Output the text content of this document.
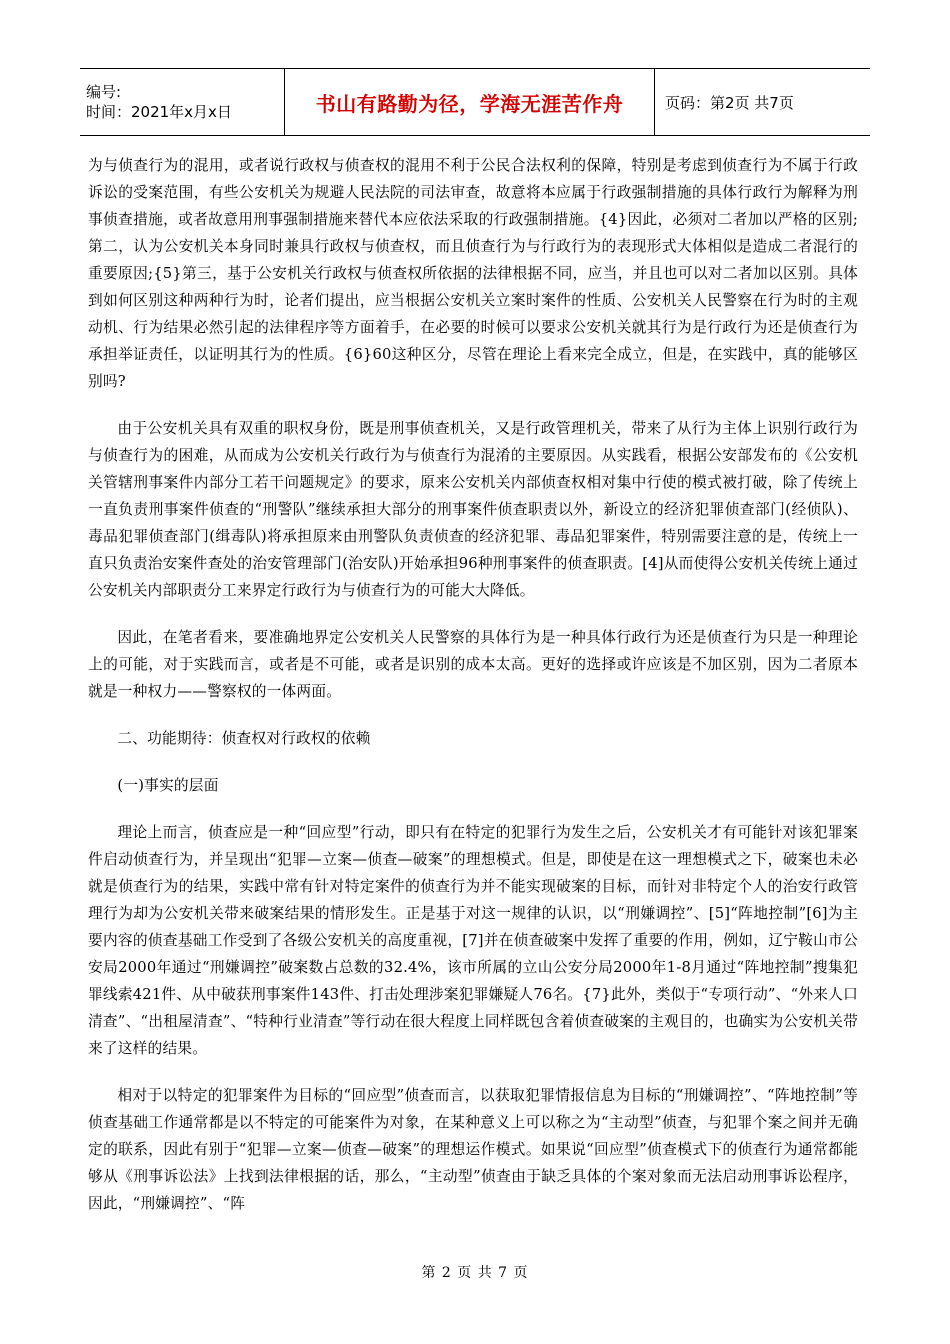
编号:
时间：2021年x月x日	书山有路勤为径，学海无涯苦作舟	页码：第2页 共7页

为与侦查行为的混用，或者说行政权与侦查权的混用不利于公民合法权利的保障，特别是考虑到侦查行为不属于行政诉讼的受案范围，有些公安机关为规避人民法院的司法审查，故意将本应属于行政强制措施的具体行政行为解释为刑事侦查措施，或者故意用刑事强制措施来替代本应依法采取的行政强制措施。{4}因此，必须对二者加以严格的区别;第二，认为公安机关本身同时兼具行政权与侦查权，而且侦查行为与行政行为的表现形式大体相似是造成二者混行的重要原因;{5}第三，基于公安机关行政权与侦查权所依据的法律根据不同，应当，并且也可以对二者加以区别。具体到如何区别这种两种行为时，论者们提出，应当根据公安机关立案时案件的性质、公安机关人民警察在行为时的主观动机、行为结果必然引起的法律程序等方面着手，在必要的时候可以要求公安机关就其行为是行政行为还是侦查行为承担举证责任，以证明其行为的性质。{6}60这种区分，尽管在理论上看来完全成立，但是，在实践中，真的能够区别吗?

由于公安机关具有双重的职权身份，既是刑事侦查机关，又是行政管理机关，带来了从行为主体上识别行政行为与侦查行为的困难，从而成为公安机关行政行为与侦查行为混淆的主要原因。从实践看，根据公安部发布的《公安机关管辖刑事案件内部分工若干问题规定》的要求，原来公安机关内部侦查权相对集中行使的模式被打破，除了传统上一直负责刑事案件侦查的“刑警队”继续承担大部分的刑事案件侦查职责以外，新设立的经济犯罪侦查部门(经侦队)、毒品犯罪侦查部门(缉毒队)将承担原来由刑警队负责侦查的经济犯罪、毒品犯罪案件，特别需要注意的是，传统上一直只负责治安案件查处的治安管理部门(治安队)开始承担96种刑事案件的侦查职责。[4]从而使得公安机关传统上通过公安机关内部职责分工来界定行政行为与侦查行为的可能大大降低。

因此，在笔者看来，要准确地界定公安机关人民警察的具体行为是一种具体行政行为还是侦查行为只是一种理论上的可能，对于实践而言，或者是不可能，或者是识别的成本太高。更好的选择或许应该是不加区别，因为二者原本就是一种权力——警察权的一体两面。

二、功能期待：侦查权对行政权的依赖

(一)事实的层面

理论上而言，侦查应是一种“回应型”行动，即只有在特定的犯罪行为发生之后，公安机关才有可能针对该犯罪案件启动侦查行为，并呈现出“犯罪—立案—侦查—破案”的理想模式。但是，即使是在这一理想模式之下，破案也未必就是侦查行为的结果，实践中常有针对特定案件的侦查行为并不能实现破案的目标，而针对非特定个人的治安行政管理行为却为公安机关带来破案结果的情形发生。正是基于对这一规律的认识，以“刑嫌调控”、[5]“阵地控制”[6]为主要内容的侦查基础工作受到了各级公安机关的高度重视，[7]并在侦查破案中发挥了重要的作用，例如，辽宁鞍山市公安局2000年通过“刑嫌调控”破案数占总数的32.4%，该市所属的立山公安分局2000年1-8月通过“阵地控制”搜集犯罪线索421件、从中破获刑事案件143件、打击处理涉案犯罪嫌疑人76名。{7}此外，类似于“专项行动”、“外来人口清查”、“出租屋清查”、“特种行业清查”等行动在很大程度上同样既包含着侦查破案的主观目的，也确实为公安机关带来了这样的结果。

相对于以特定的犯罪案件为目标的“回应型”侦查而言，以获取犯罪情报信息为目标的“刑嫌调控”、“阵地控制”等侦查基础工作通常都是以不特定的可能案件为对象，在某种意义上可以称之为“主动型”侦查，与犯罪个案之间并无确定的联系，因此有别于“犯罪—立案—侦查—破案”的理想运作模式。如果说“回应型”侦查模式下的侦查行为通常都能够从《刑事诉讼法》上找到法律根据的话，那么，“主动型”侦查由于缺乏具体的个案对象而无法启动刑事诉讼程序，因此，“刑嫌调控”、“阵

第 2 页 共 7 页
